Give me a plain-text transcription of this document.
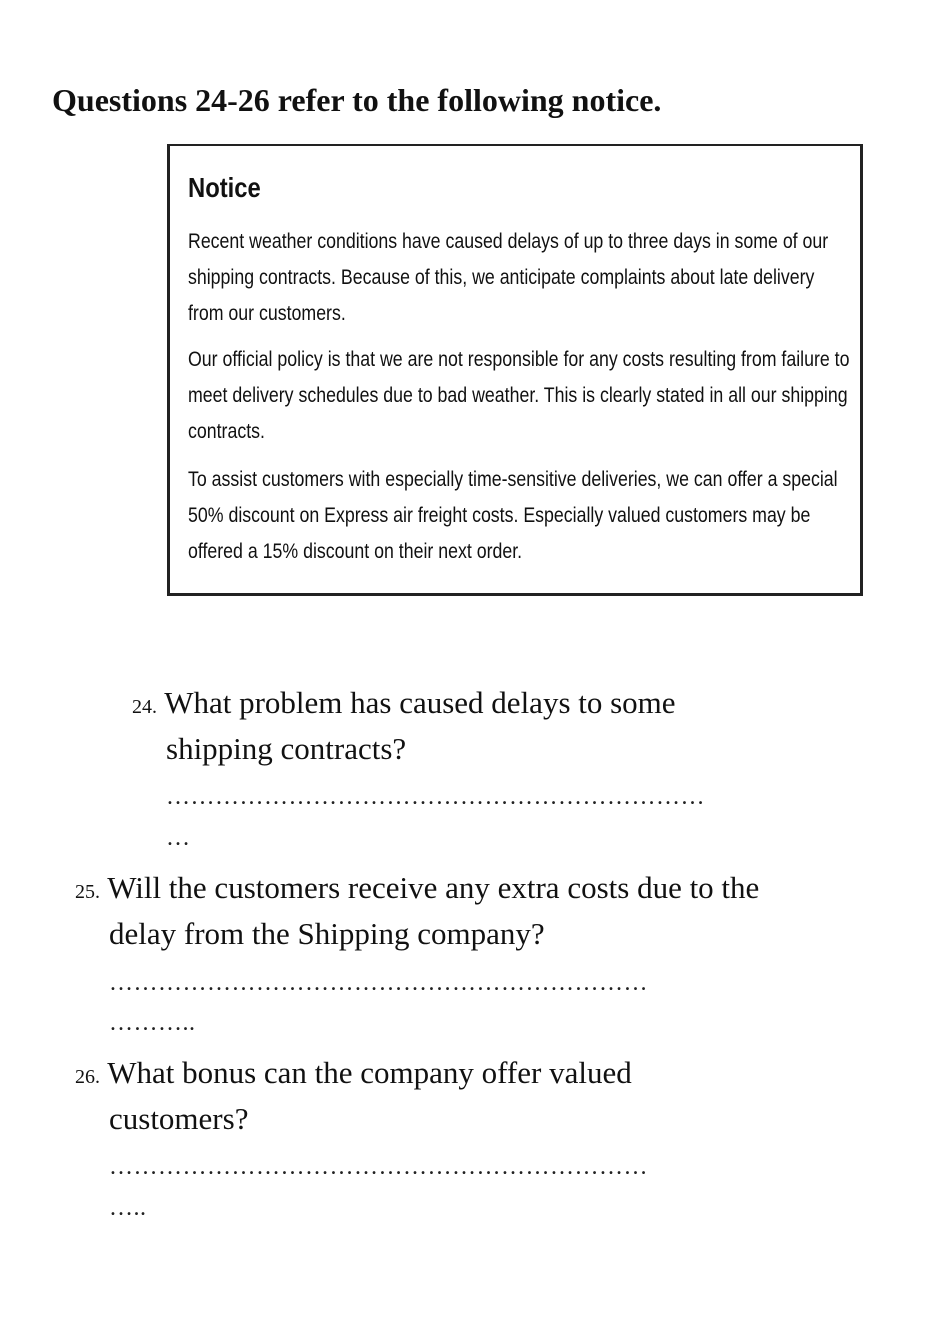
Questions 24-26 refer to the following notice.
Notice
Recent weather conditions have caused delays of up to three days in some of our
shipping contracts. Because of this, we anticipate complaints about late delivery
from our customers.
Our official policy is that we are not responsible for any costs resulting from failure to
meet delivery schedules due to bad weather. This is clearly stated in all our shipping
contracts.
To assist customers with especially time-sensitive deliveries, we can offer a special
50% discount on Express air freight costs. Especially valued customers may be
offered a 15% discount on their next order.
24. What problem has caused delays to some
shipping contracts?
…………………………………………………………
…
25. Will the customers receive any extra costs due to the
delay from the Shipping company?
…………………………………………………………
………..
26. What bonus can the company offer valued
customers?
…………………………………………………………
…..
